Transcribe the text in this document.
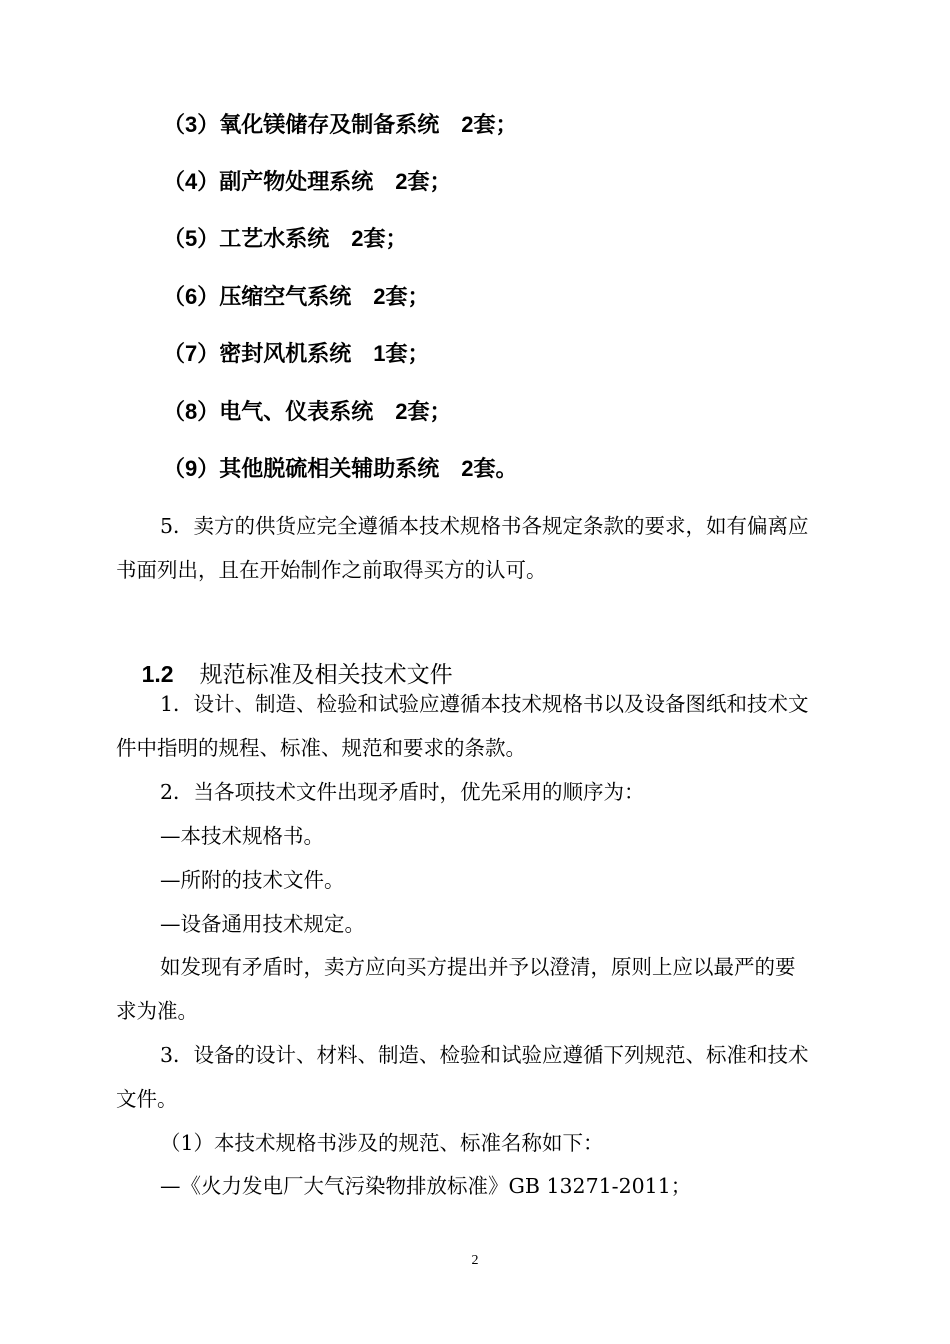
（3）氧化镁储存及制备系统　2套；
（4）副产物处理系统　2套；
（5）工艺水系统　2套；
（6）压缩空气系统　2套；
（7）密封风机系统　1套；
（8）电气、仪表系统　2套；
（9）其他脱硫相关辅助系统　2套。
5．卖方的供货应完全遵循本技术规格书各规定条款的要求，如有偏离应
书面列出，且在开始制作之前取得买方的认可。

1.2 规范标准及相关技术文件

1．设计、制造、检验和试验应遵循本技术规格书以及设备图纸和技术文
件中指明的规程、标准、规范和要求的条款。
2．当各项技术文件出现矛盾时，优先采用的顺序为：
—本技术规格书。
—所附的技术文件。
—设备通用技术规定。
如发现有矛盾时，卖方应向买方提出并予以澄清，原则上应以最严的要
求为准。
3．设备的设计、材料、制造、检验和试验应遵循下列规范、标准和技术
文件。
（1）本技术规格书涉及的规范、标准名称如下：
—《火力发电厂大气污染物排放标准》GB 13271-2011；
2
